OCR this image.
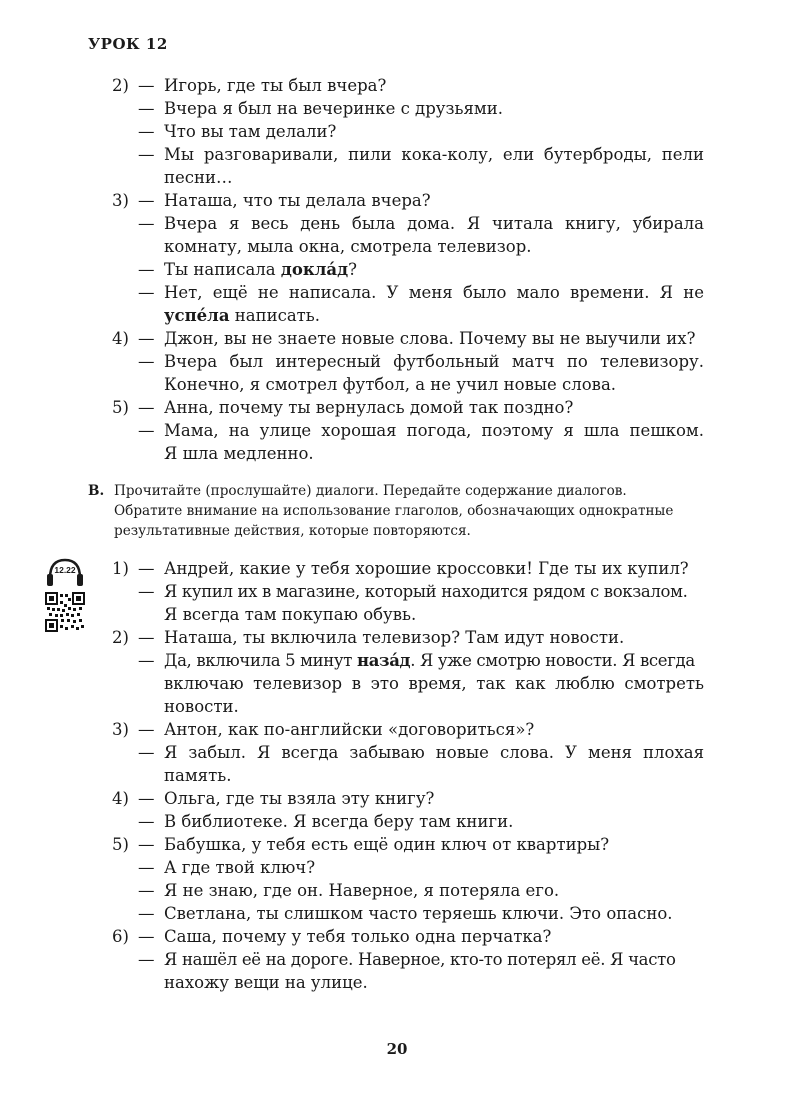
УРОК 12
2) — Игорь, где ты был вчера?
— Вчера я был на вечеринке с друзьями.
— Что вы там делали?
— Мы разговаривали, пили кока-колу, ели бутерброды, пели
песни…
3) — Наташа, что ты делала вчера?
— Вчера я весь день была дома. Я читала книгу, убирала
комнату, мыла окна, смотрела телевизор.
— Ты написала докла́д?
— Нет, ещё не написала. У меня было мало времени. Я не
успе́ла написать.
4) — Джон, вы не знаете новые слова. Почему вы не выучили их?
— Вчера был интересный футбольный матч по телевизору.
Конечно, я смотрел футбол, а не учил новые слова.
5) — Анна, почему ты вернулась домой так поздно?
— Мама, на улице хорошая погода, поэтому я шла пешком.
Я шла медленно.
В. Прочитайте (прослушайте) диалоги. Передайте содержание диалогов.
Обратите внимание на использование глаголов, обозначающих однократные
результативные действия, которые повторяются.
12.22 1) — Андрей, какие у тебя хорошие кроссовки! Где ты их купил?
— Я купил их в магазине, который находится рядом с вокзалом.
Я всегда там покупаю обувь.
2) — Наташа, ты включила телевизор? Там идут новости.
— Да, включила 5 минут наза́д. Я уже смотрю новости. Я всегда
включаю телевизор в это время, так как люблю смотреть
новости.
3) — Антон, как по-английски «договориться»?
— Я забыл. Я всегда забываю новые слова. У меня плохая
память.
4) — Ольга, где ты взяла эту книгу?
— В библиотеке. Я всегда беру там книги.
5) — Бабушка, у тебя есть ещё один ключ от квартиры?
— А где твой ключ?
— Я не знаю, где он. Наверное, я потеряла его.
— Светлана, ты слишком часто теряешь ключи. Это опасно.
6) — Саша, почему у тебя только одна перчатка?
— Я нашёл её на дороге. Наверное, кто-то потерял её. Я часто
нахожу вещи на улице.
20
